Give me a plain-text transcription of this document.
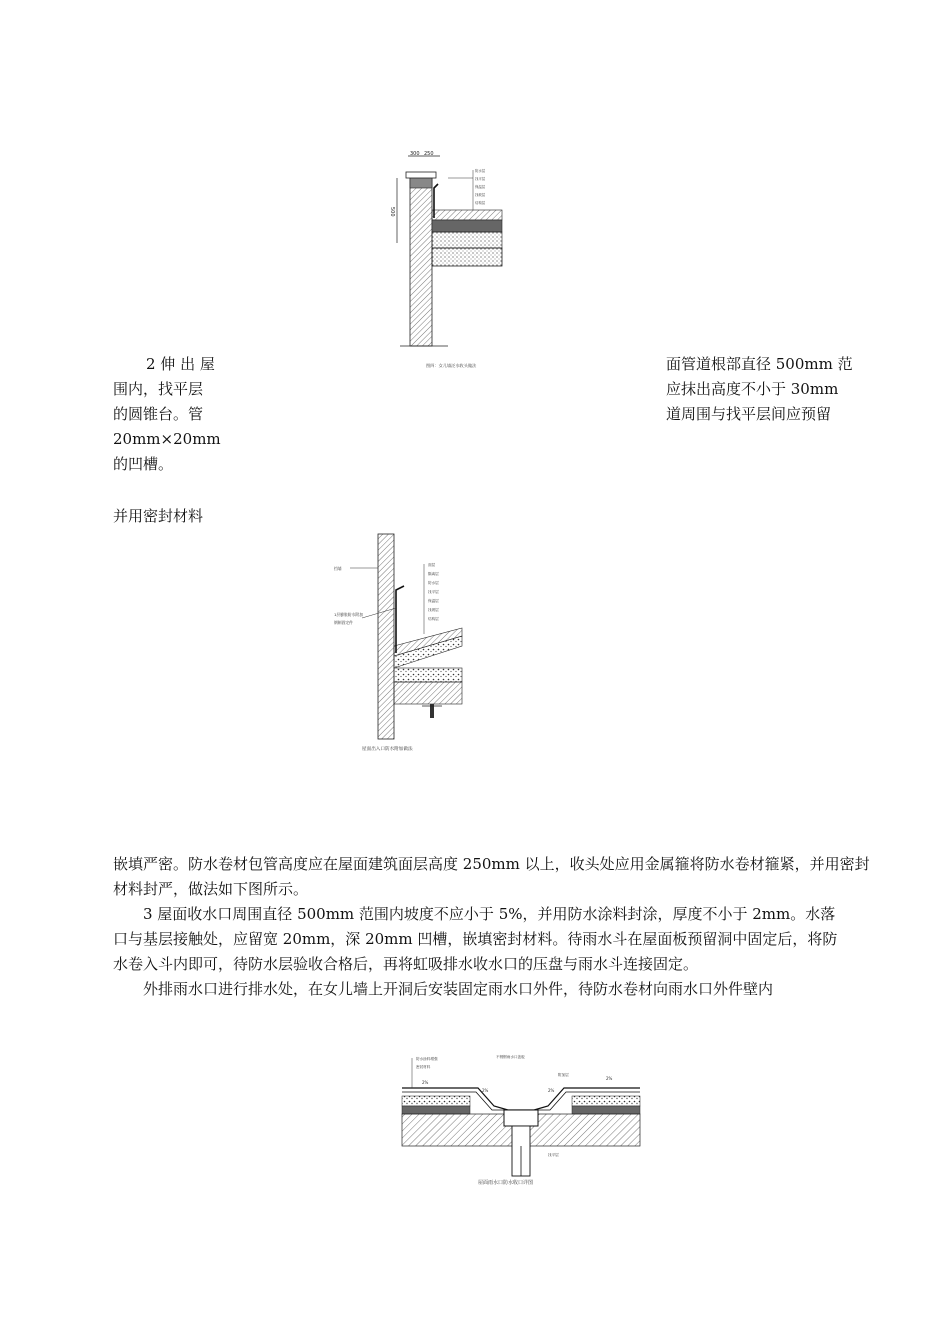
2 伸 出 屋
围内，找平层
的圆锥台。管
20mm×20mm
的凹槽。
面管道根部直径 500mm 范
应抹出高度不小于 30mm
道周围与找平层间应预留
并用密封材料
300 250
500
防水层
找平层
保温层
找坡层
结构层
图四：女儿墙泛水收头做法
挡墙
1层膨胀防水附加
钢制固定件
面层
隔离层
防水层
找平层
保温层
找坡层
结构层
屋面出入口防水附加做法
嵌填严密。防水卷材包管高度应在屋面建筑面层高度 250mm 以上，收头处应用金属箍将防水卷材箍紧，并用密封材料封严，做法如下图所示。
3 屋面收水口周围直径 500mm 范围内坡度不应小于 5%，并用防水涂料封涂，厚度不小于 2mm。水落口与基层接触处，应留宽 20mm，深 20mm 凹槽，嵌填密封材料。待雨水斗在屋面板预留洞中固定后，将防水卷入斗内即可，待防水层验收合格后，再将虹吸排水收水口的压盘与雨水斗连接固定。
外排雨水口进行排水处，在女儿墙上开洞后安装固定雨水口外件，待防水卷材向雨水口外件壁内
防水涂料增强
密封材料
不锈钢雨水口盖板
附加层
找平层
2%
2%	2%
2%
屋面雨水口防水收口详图
